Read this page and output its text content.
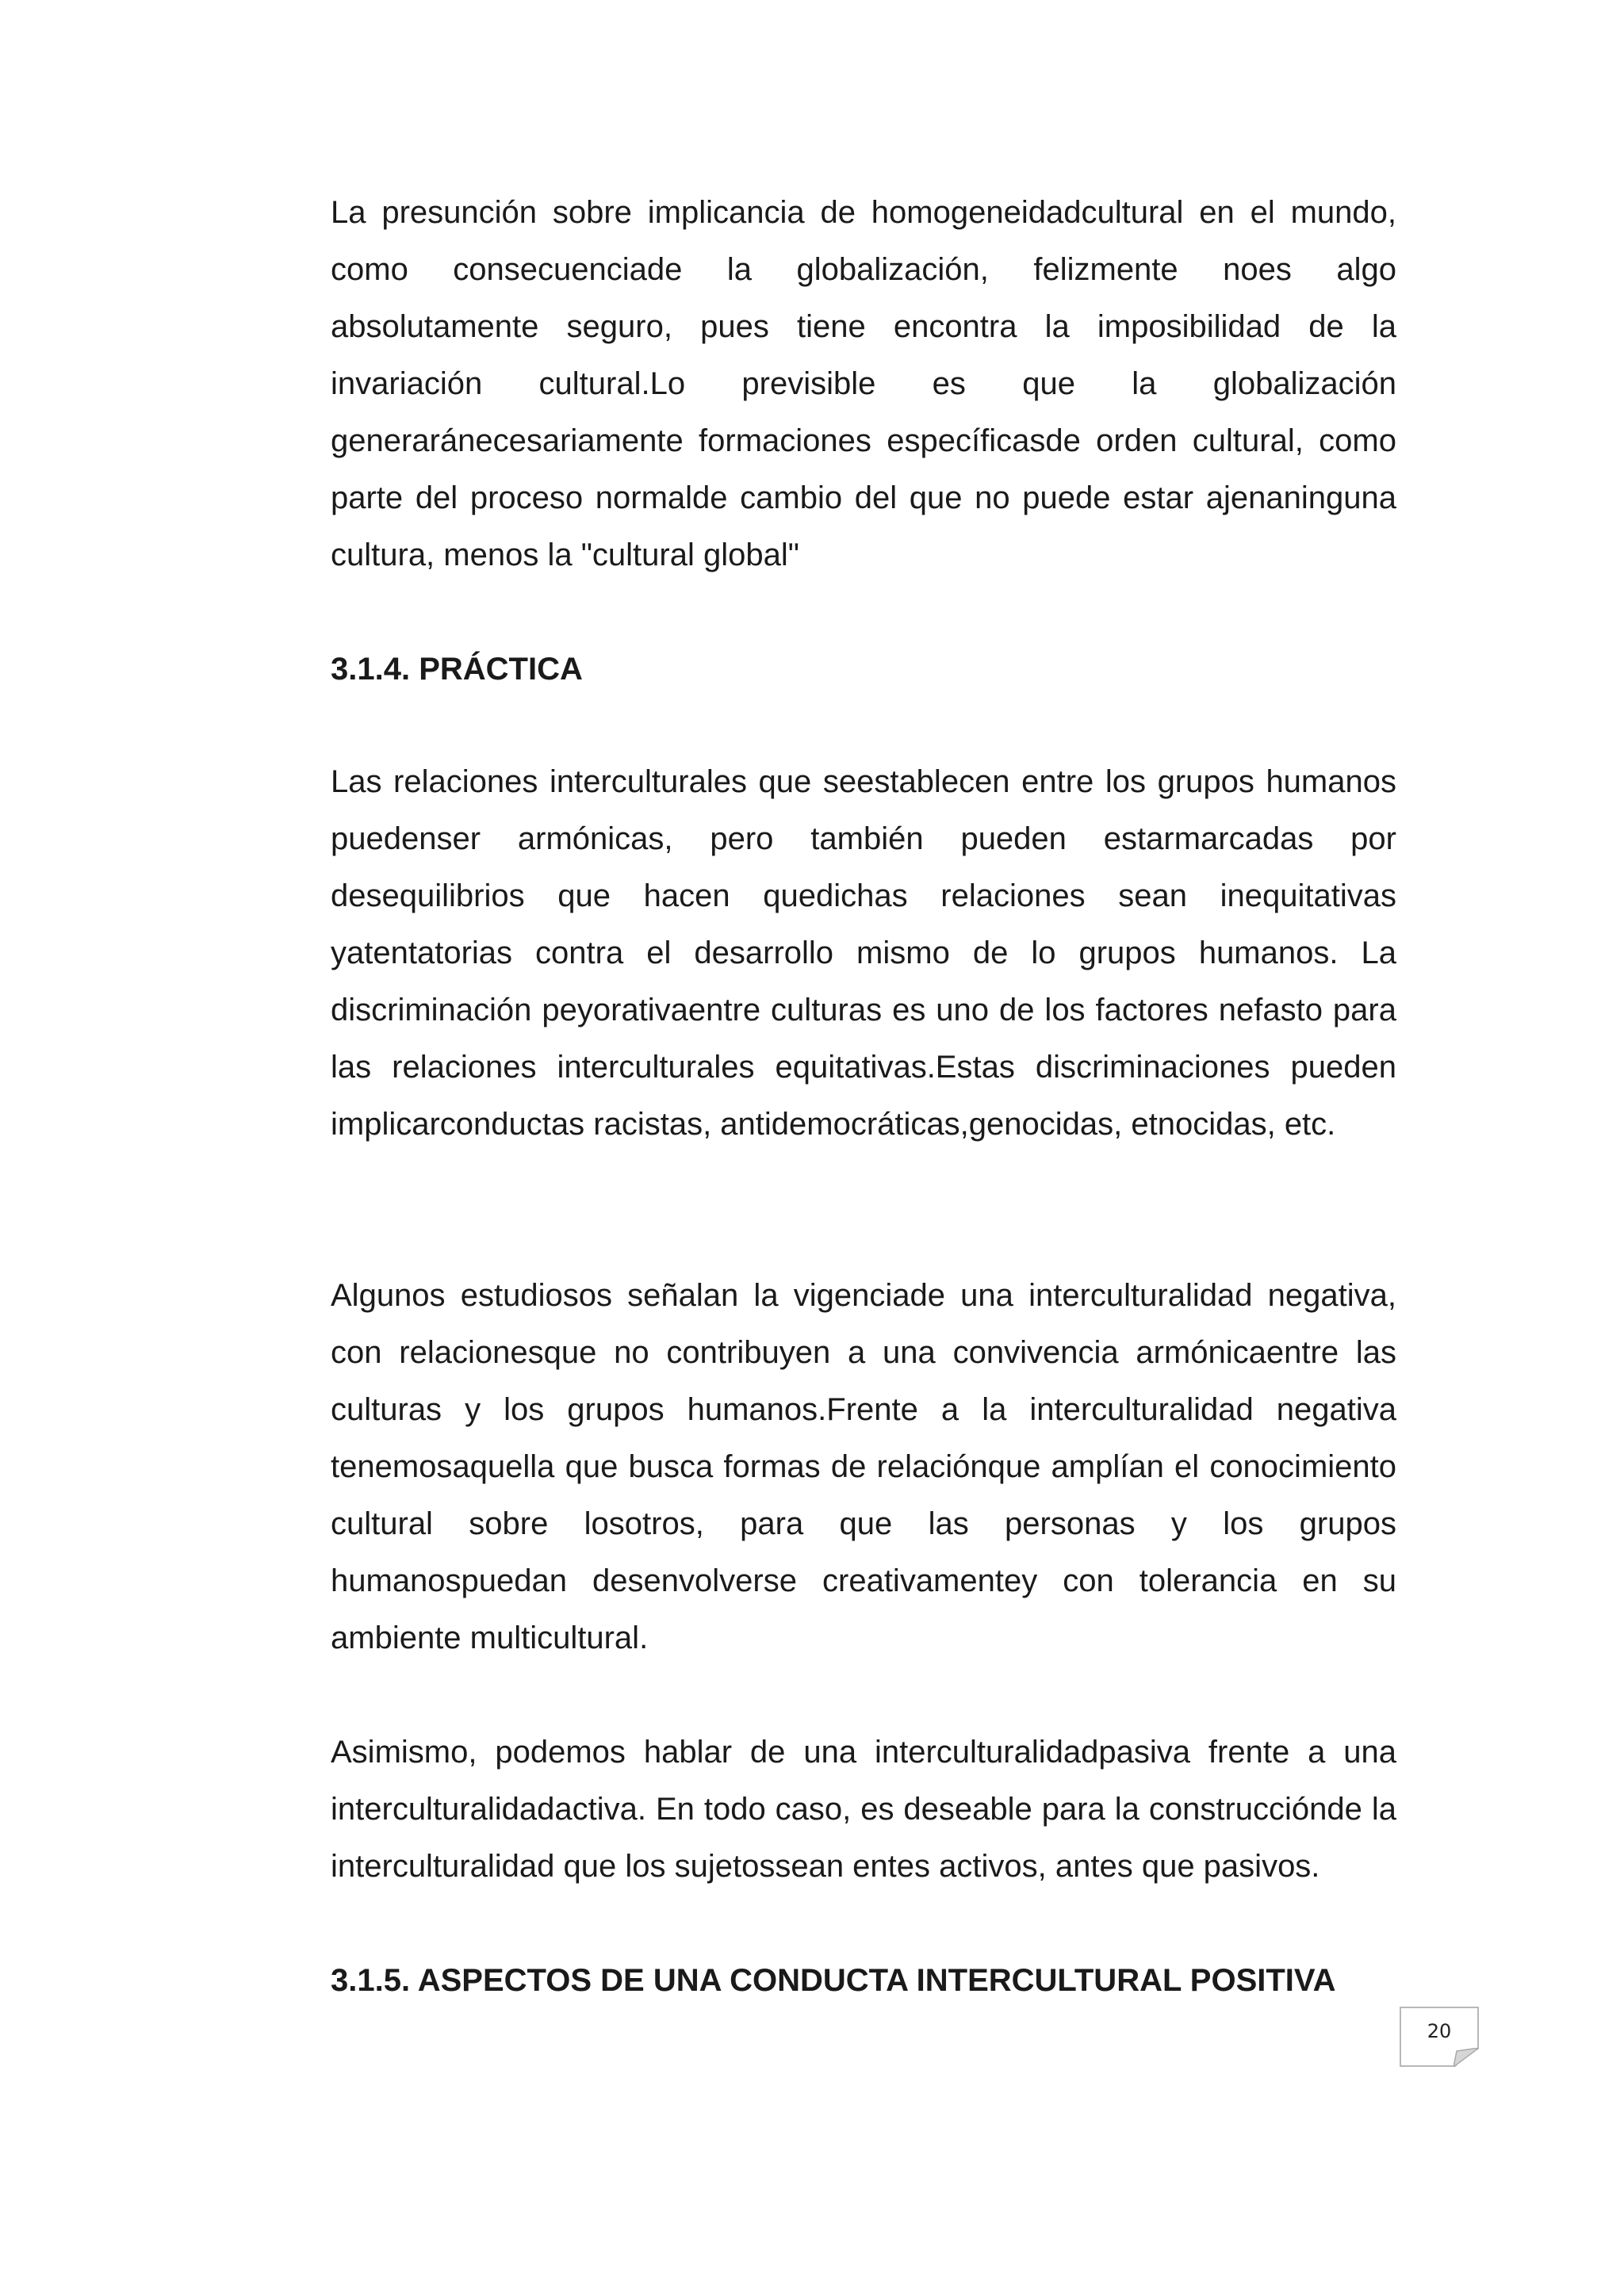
La presunción sobre implicancia de homogeneidadcultural en el mundo, como consecuenciade la globalización, felizmente noes algo absolutamente seguro, pues tiene encontra la imposibilidad de la invariación cultural.Lo previsible es que la globalización generaránecesariamente formaciones específicasde orden cultural, como parte del proceso normalde cambio del que no puede estar ajenaninguna cultura, menos la "cultural global"

3.1.4. PRÁCTICA

Las relaciones interculturales que seestablecen entre los grupos humanos puedenser armónicas, pero también pueden estarmarcadas por desequilibrios que hacen quedichas relaciones sean inequitativas yatentatorias contra el desarrollo mismo de lo grupos humanos. La discriminación peyorativaentre culturas es uno de los factores nefasto para las relaciones interculturales equitativas.Estas discriminaciones pueden implicarconductas racistas, antidemocráticas,genocidas, etnocidas, etc.

Algunos estudiosos señalan la vigenciade una interculturalidad negativa, con relacionesque no contribuyen a una convivencia armónicaentre las culturas y los grupos humanos.Frente a la interculturalidad negativa tenemosaquella que busca formas de relaciónque amplían el conocimiento cultural sobre losotros, para que las personas y los grupos humanospuedan desenvolverse creativamentey con tolerancia en su ambiente multicultural.

Asimismo, podemos hablar de una interculturalidadpasiva frente a una interculturalidadactiva. En todo caso, es deseable para la construcciónde la interculturalidad que los sujetossean entes activos, antes que pasivos.

3.1.5. ASPECTOS DE UNA CONDUCTA INTERCULTURAL POSITIVA
20
